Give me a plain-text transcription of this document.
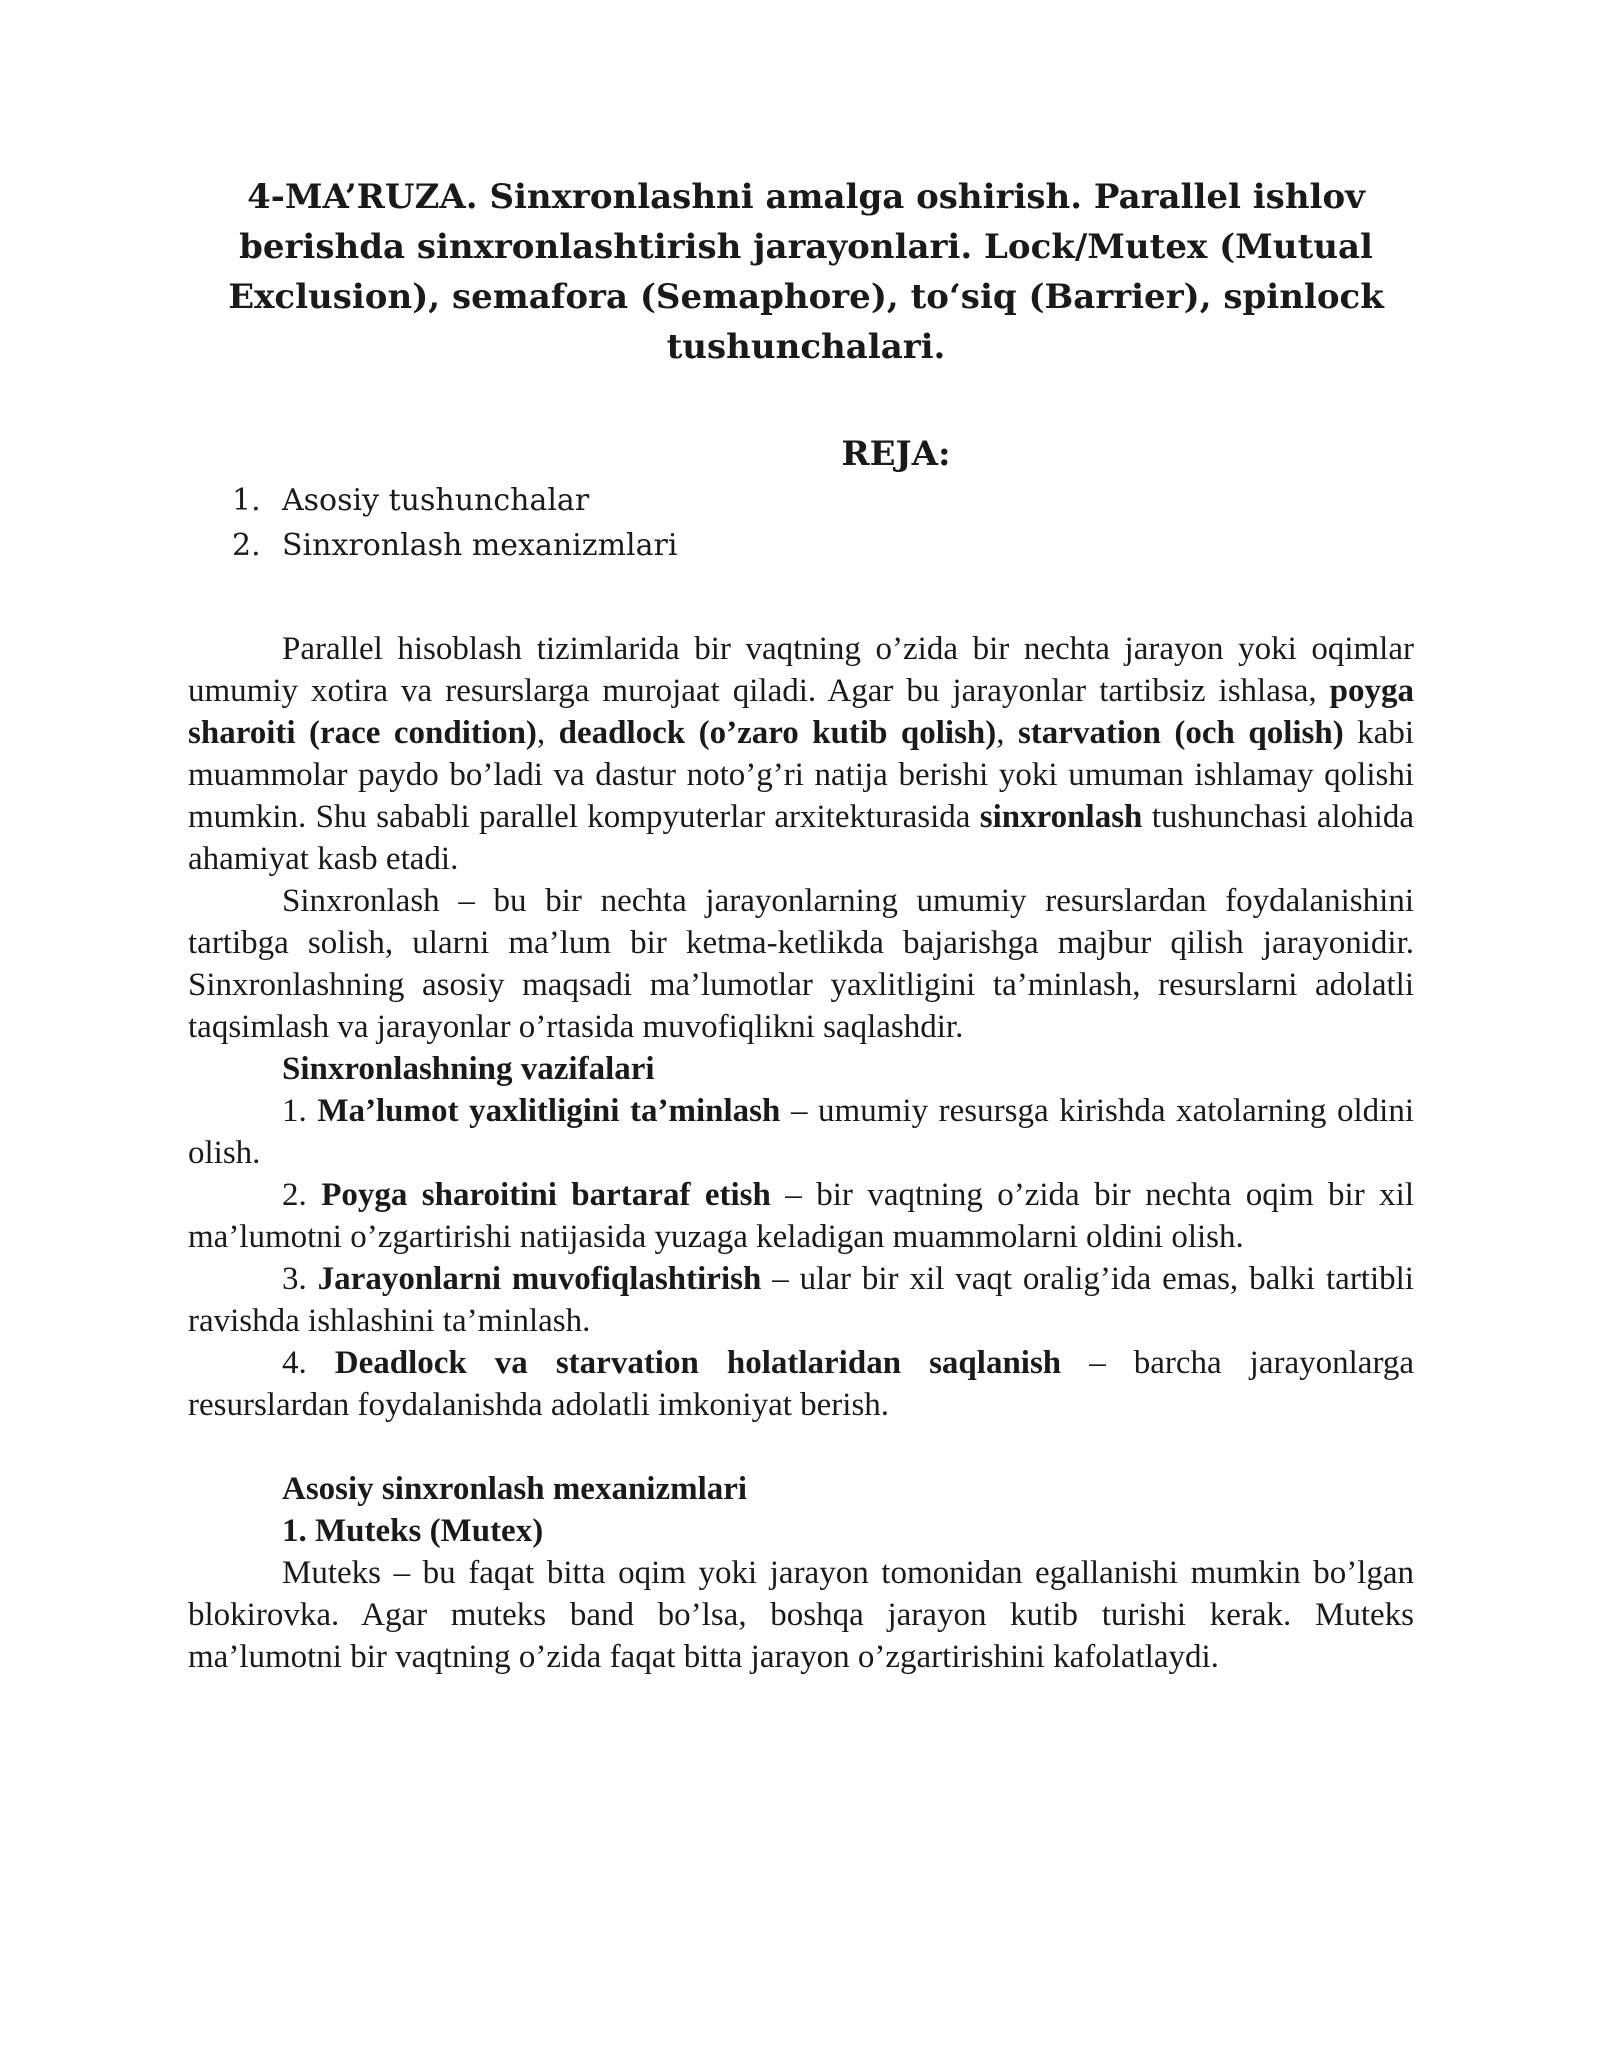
4-MA’RUZA. Sinxronlashni amalga oshirish. Parallel ishlov berishda sinxronlashtirish jarayonlari. Lock/Mutex (Mutual Exclusion), semafora (Semaphore), to‘siq (Barrier), spinlock tushunchalari.
REJA:
1. Asosiy tushunchalar
2. Sinxronlash mexanizmlari

Parallel hisoblash tizimlarida bir vaqtning o’zida bir nechta jarayon yoki oqimlar umumiy xotira va resurslarga murojaat qiladi. Agar bu jarayonlar tartibsiz ishlasa, poyga sharoiti (race condition), deadlock (o’zaro kutib qolish), starvation (och qolish) kabi muammolar paydo bo’ladi va dastur noto’g’ri natija berishi yoki umuman ishlamay qolishi mumkin. Shu sababli parallel kompyuterlar arxitekturasida sinxronlash tushunchasi alohida ahamiyat kasb etadi.

Sinxronlash – bu bir nechta jarayonlarning umumiy resurslardan foydalanishini tartibga solish, ularni ma’lum bir ketma-ketlikda bajarishga majbur qilish jarayonidir. Sinxronlashning asosiy maqsadi ma’lumotlar yaxlitligini ta’minlash, resurslarni adolatli taqsimlash va jarayonlar o’rtasida muvofiqlikni saqlashdir.

Sinxronlashning vazifalari

1. Ma’lumot yaxlitligini ta’minlash – umumiy resursga kirishda xatolarning oldini olish.

2. Poyga sharoitini bartaraf etish – bir vaqtning o’zida bir nechta oqim bir xil ma’lumotni o’zgartirishi natijasida yuzaga keladigan muammolarni oldini olish.

3. Jarayonlarni muvofiqlashtirish – ular bir xil vaqt oralig’ida emas, balki tartibli ravishda ishlashini ta’minlash.

4. Deadlock va starvation holatlaridan saqlanish – barcha jarayonlarga resurslardan foydalanishda adolatli imkoniyat berish.

Asosiy sinxronlash mexanizmlari
1. Muteks (Mutex)

Muteks – bu faqat bitta oqim yoki jarayon tomonidan egallanishi mumkin bo’lgan blokirovka. Agar muteks band bo’lsa, boshqa jarayon kutib turishi kerak. Muteks ma’lumotni bir vaqtning o’zida faqat bitta jarayon o’zgartirishini kafolatlaydi.
